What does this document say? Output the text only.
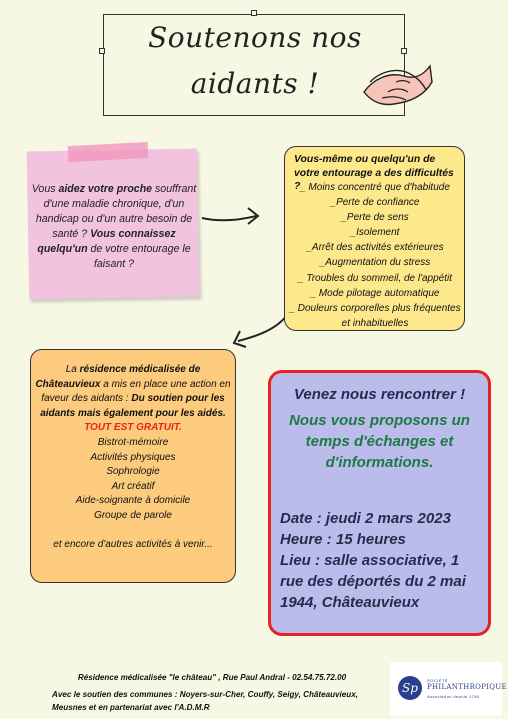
Soutenons nos
aidants !
Vous aidez votre proche souffrant d'une maladie chronique, d'un handicap ou d'un autre besoin de santé ? Vous connaissez quelqu'un de votre entourage le faisant ?
Vous-même ou quelqu'un de votre entourage a des difficultés ? _ Moins concentré que d'habitude
_Perte de confiance
_Perte de sens
_Isolement
_Arrêt des activités extérieures
_Augmentation du stress
_ Troubles du sommeil, de l'appétit
_ Mode pilotage automatique
_ Douleurs corporelles plus fréquentes et inhabituelles
La résidence médicalisée de Châteauvieux a mis en place une action en faveur des aidants : Du soutien pour les aidants mais également pour les aidés. TOUT EST GRATUIT.
Bistrot-mémoire
Activités physiques
Sophrologie
Art créatif
Aide-soignante à domicile
Groupe de parole
et encore d'autres activités à venir...
Venez nous rencontrer !
Nous vous proposons un temps d'échanges et d'informations.
Date : jeudi 2 mars 2023
Heure : 15 heures
Lieu : salle associative, 1 rue des déportés du 2 mai 1944, Châteauvieux
Résidence médicalisée "le château" , Rue Paul Andral - 02.54.75.72.00
Avec le soutien des communes : Noyers-sur-Cher, Couffy, Seigy, Châteauvieux, Meusnes et en partenariat avec l'A.D.M.R
Sp
SOCIÉTÉ
PHILANTHROPIQUE
Association depuis 1780
